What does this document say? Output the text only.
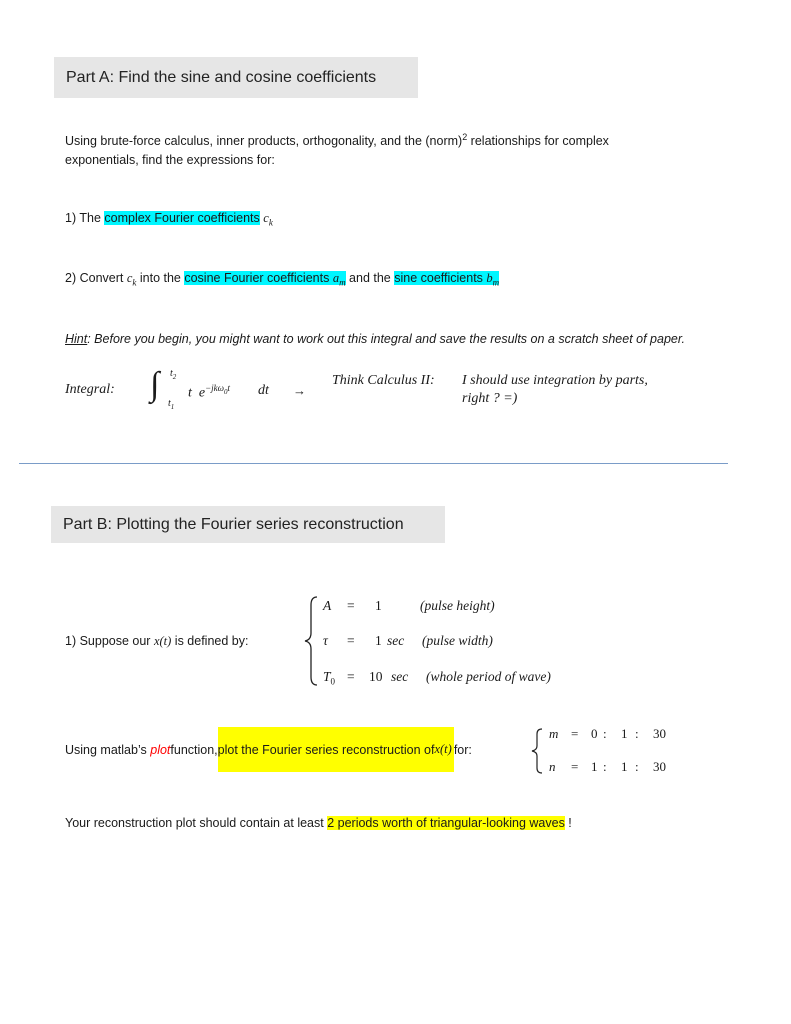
Part A: Find the sine and cosine coefficients
Using brute-force calculus, inner products, orthogonality, and the (norm)$^2$ relationships for complex
exponentials, find the expressions for:
1) The complex Fourier coefficients $c_k$
2) Convert $c_k$ into the cosine Fourier coefficients $a_m$ and the sine coefficients $b_m$
Hint: Before you begin, you might want to work out this integral and save the results on a scratch sheet of paper.
Integral: ∫ $t_2$
$t_1$
t $e^{-jk\omega_0t}$ dt →
Think Calculus II: I should use integration by parts,
right ? =)
Part B: Plotting the Fourier series reconstruction
1) Suppose our x(t) is defined by:
A = 1	(pulse height)
τ = 1 sec (pulse width)
$T_0 = 10$ sec (whole period of wave)
Using matlab’s
plot function, plot the Fourier series reconstruction of x(t) for:
m = 0 : 1 : 30
n = 1 : 1 : 30
Your reconstruction plot should contain at least 2 periods worth of triangular-looking waves !
